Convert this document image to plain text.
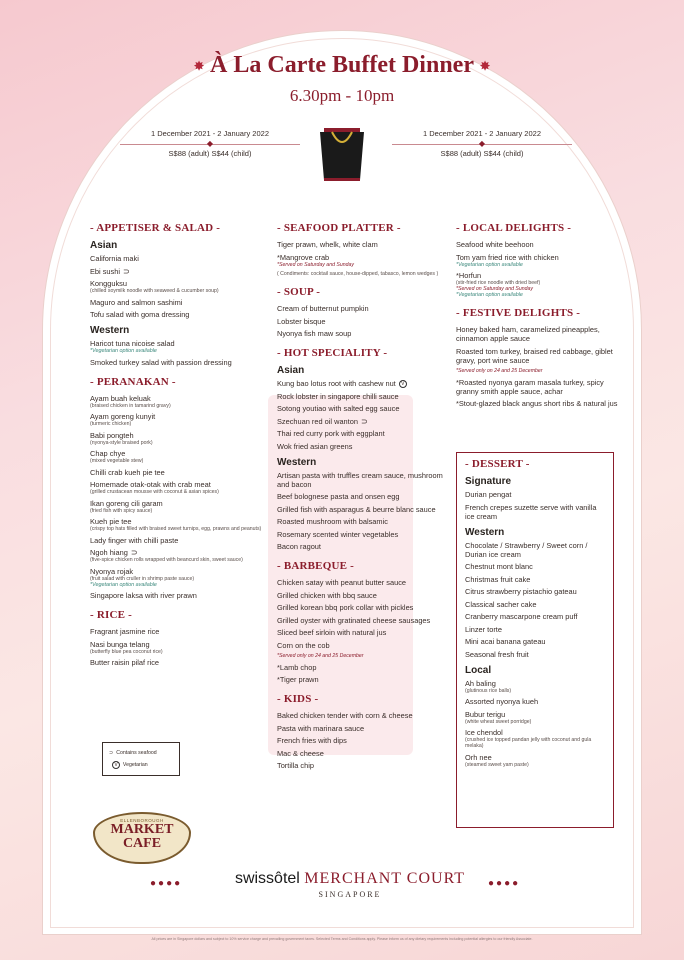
✸ À La Carte Buffet Dinner ✸
6.30pm - 10pm
1 December 2021 - 2 January 2022
◆
S$88 (adult) S$44 (child)
1 December 2021 - 2 January 2022
◆
S$88 (adult) S$44 (child)
- APPETISER & SALAD -
Asian
California maki
Ebi sushi ⊃
Kongguksu
(chilled soymilk noodle with seaweed & cucumber soup)
Maguro and salmon sashimi
Tofu salad with goma dressing
Western
Haricot tuna nicoise salad
*Vegetarian option available
Smoked turkey salad with passion dressing
- PERANAKAN -
Ayam buah keluak
(braised chicken in tamarind gravy)
Ayam goreng kunyit
(turmeric chicken)
Babi pongteh
(nyonya-style braised pork)
Chap chye
(mixed vegetable stew)
Chilli crab kueh pie tee
Homemade otak-otak with crab meat
(grilled crustacean mousse with coconut & asian spices)
Ikan goreng cili garam
(fried fish with spicy sauce)
Kueh pie tee
(crispy top hats filled with braised sweet turnips, egg, prawns and peanuts)
Lady finger with chilli paste
Ngoh hiang ⊃
(five-spice chicken rolls wrapped with beancurd skin, sweet sauce)
Nyonya rojak
(fruit salad with cruller in shrimp paste sauce)
*Vegetarian option available
Singapore laksa with river prawn
- RICE -
Fragrant jasmine rice
Nasi bunga telang
(butterfly blue pea coconut rice)
Butter raisin pilaf rice
- SEAFOOD PLATTER -
Tiger prawn, whelk, white clam
*Mangrove crab
*Served on Saturday and Sunday
( Condiments: cocktail sauce, house-dipped, tabasco, lemon wedges )
- SOUP -
Cream of butternut pumpkin
Lobster bisque
Nyonya fish maw soup
- HOT SPECIALITY -
Asian
Kung bao lotus root with cashew nut V
Rock lobster in singapore chilli sauce
Sotong youtiao with salted egg sauce
Szechuan red oil wanton ⊃
Thai red curry pork with eggplant
Wok fried asian greens
Western
Artisan pasta with truffles cream sauce, mushroom and bacon
Beef bolognese pasta and onsen egg
Grilled fish with asparagus & beurre blanc sauce
Roasted mushroom with balsamic
Rosemary scented winter vegetables
Bacon ragout
- BARBEQUE -
Chicken satay with peanut butter sauce
Grilled chicken with bbq sauce
Grilled korean bbq pork collar with pickles
Grilled oyster with gratinated cheese sausages
Sliced beef sirloin with natural jus
Corn on the cob
*Served only on 24 and 25 December
*Lamb chop
*Tiger prawn
- KIDS -
Baked chicken tender with corn & cheese
Pasta with marinara sauce
French fries with dips
Mac & cheese
Tortilla chip
- LOCAL DELIGHTS -
Seafood white beehoon
Tom yam fried rice with chicken
*Vegetarian option available
*Horfun
(stir-fried rice noodle with dried beef)
*Served on Saturday and Sunday
*Vegetarian option available
- FESTIVE DELIGHTS -
Honey baked ham, caramelized pineapples, cinnamon apple sauce
Roasted tom turkey, braised red cabbage, giblet gravy, port wine sauce
*Served only on 24 and 25 December
*Roasted nyonya garam masala turkey, spicy granny smith apple sauce, achar
*Stout-glazed black angus short ribs & natural jus
- DESSERT -
Signature
Durian pengat
French crepes suzette serve with vanilla ice cream
Western
Chocolate / Strawberry / Sweet corn / Durian ice cream
Chestnut mont blanc
Christmas fruit cake
Citrus strawberry pistachio gateau
Classical sacher cake
Cranberry mascarpone cream puff
Linzer torte
Mini acai banana gateau
Seasonal fresh fruit
Local
Ah baling
(glutinous rice balls)
Assorted nyonya kueh
Bubur terigu
(white wheat sweet porridge)
Ice chendol
(crushed ice topped pandan jelly with coconut and gula melaka)
Orh nee
(steamed sweet yam paste)
⊃ Contains seafood
V Vegetarian
ELLENBOROUGH
MARKET
CAFE
●●●●	●●●●
swissôtel MERCHANT COURT
SINGAPORE
All prices are in Singapore dollars and subject to 10% service charge and prevailing government taxes. Selected Terms and Conditions apply. Please inform us of any dietary requirements including potential allergies to our friendly Associate.
